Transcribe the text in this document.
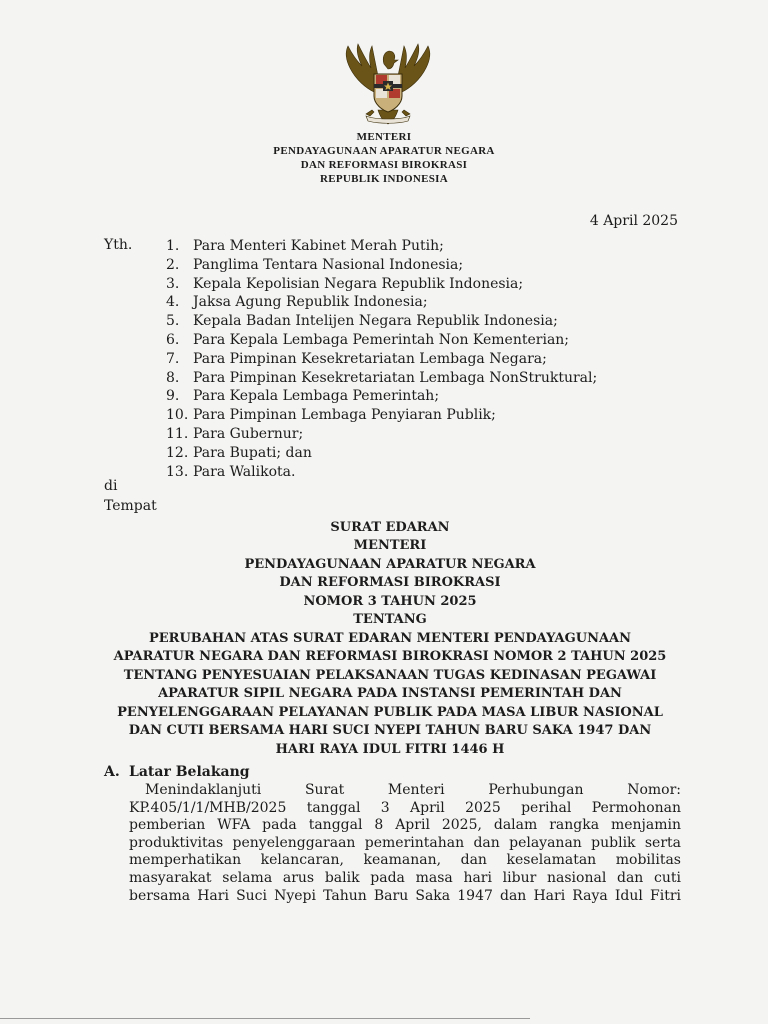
MENTERI
PENDAYAGUNAAN APARATUR NEGARA
DAN REFORMASI BIROKRASI
REPUBLIK INDONESIA
4 April 2025
Yth. 1. Para Menteri Kabinet Merah Putih;
2. Panglima Tentara Nasional Indonesia;
3. Kepala Kepolisian Negara Republik Indonesia;
4. Jaksa Agung Republik Indonesia;
5. Kepala Badan Intelijen Negara Republik Indonesia;
6. Para Kepala Lembaga Pemerintah Non Kementerian;
7. Para Pimpinan Kesekretariatan Lembaga Negara;
8. Para Pimpinan Kesekretariatan Lembaga NonStruktural;
9. Para Kepala Lembaga Pemerintah;
10. Para Pimpinan Lembaga Penyiaran Publik;
11. Para Gubernur;
12. Para Bupati; dan
13. Para Walikota.
di
Tempat
SURAT EDARAN
MENTERI
PENDAYAGUNAAN APARATUR NEGARA
DAN REFORMASI BIROKRASI
NOMOR 3 TAHUN 2025
TENTANG
PERUBAHAN ATAS SURAT EDARAN MENTERI PENDAYAGUNAAN
APARATUR NEGARA DAN REFORMASI BIROKRASI NOMOR 2 TAHUN 2025
TENTANG PENYESUAIAN PELAKSANAAN TUGAS KEDINASAN PEGAWAI
APARATUR SIPIL NEGARA PADA INSTANSI PEMERINTAH DAN
PENYELENGGARAAN PELAYANAN PUBLIK PADA MASA LIBUR NASIONAL
DAN CUTI BERSAMA HARI SUCI NYEPI TAHUN BARU SAKA 1947 DAN
HARI RAYA IDUL FITRI 1446 H
A. Latar Belakang
Menindaklanjuti Surat Menteri Perhubungan Nomor:
KP.405/1/1/MHB/2025 tanggal 3 April 2025 perihal Permohonan
pemberian WFA pada tanggal 8 April 2025, dalam rangka menjamin
produktivitas penyelenggaraan pemerintahan dan pelayanan publik serta
memperhatikan kelancaran, keamanan, dan keselamatan mobilitas
masyarakat selama arus balik pada masa hari libur nasional dan cuti
bersama Hari Suci Nyepi Tahun Baru Saka 1947 dan Hari Raya Idul Fitri
